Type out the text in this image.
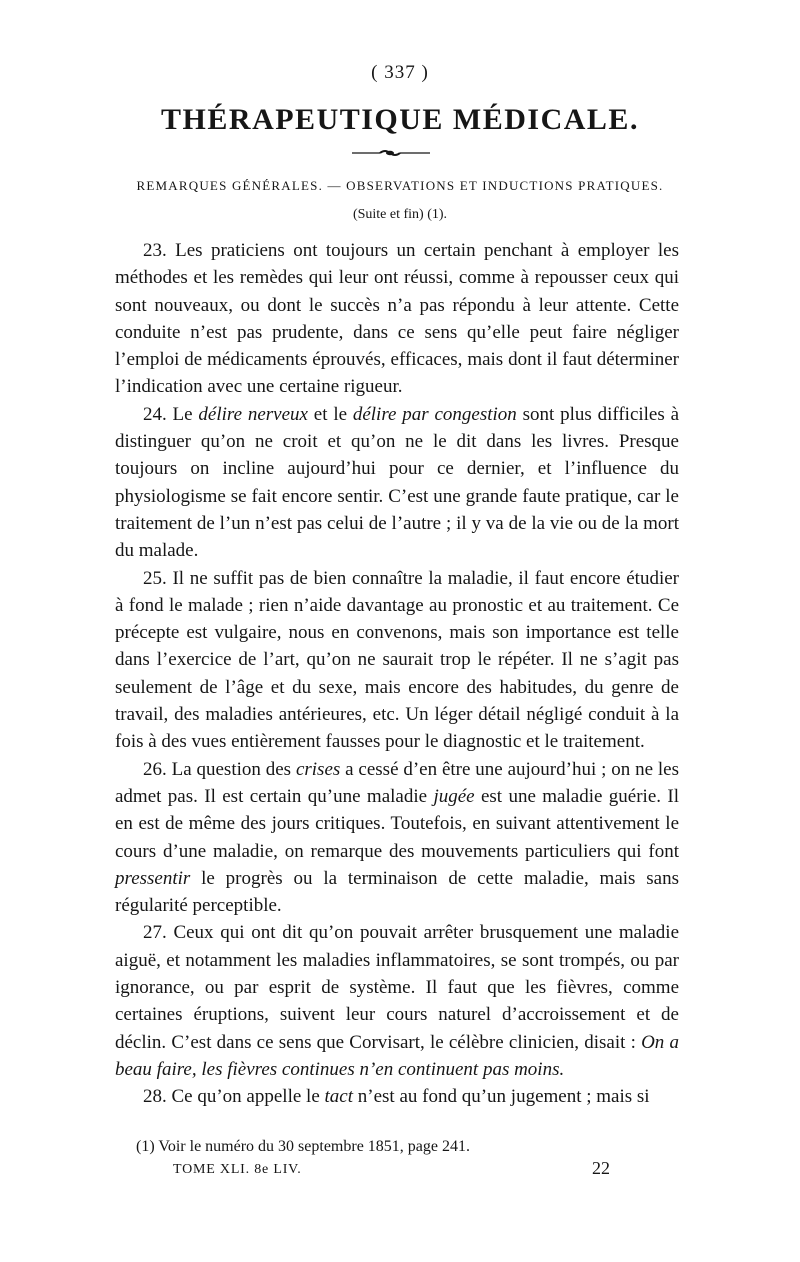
( 337 )
THÉRAPEUTIQUE MÉDICALE.
REMARQUES GÉNÉRALES. — OBSERVATIONS ET INDUCTIONS PRATIQUES.
(Suite et fin) (1).

23. Les praticiens ont toujours un certain penchant à employer les méthodes et les remèdes qui leur ont réussi, comme à repousser ceux qui sont nouveaux, ou dont le succès n’a pas répondu à leur attente. Cette conduite n’est pas prudente, dans ce sens qu’elle peut faire négliger l’emploi de médicaments éprouvés, efficaces, mais dont il faut déterminer l’indication avec une certaine rigueur.

24. Le délire nerveux et le délire par congestion sont plus difficiles à distinguer qu’on ne croit et qu’on ne le dit dans les livres. Presque toujours on incline aujourd’hui pour ce dernier, et l’influence du physiologisme se fait encore sentir. C’est une grande faute pratique, car le traitement de l’un n’est pas celui de l’autre ; il y va de la vie ou de la mort du malade.

25. Il ne suffit pas de bien connaître la maladie, il faut encore étudier à fond le malade ; rien n’aide davantage au pronostic et au traitement. Ce précepte est vulgaire, nous en convenons, mais son importance est telle dans l’exercice de l’art, qu’on ne saurait trop le répéter. Il ne s’agit pas seulement de l’âge et du sexe, mais encore des habitudes, du genre de travail, des maladies antérieures, etc. Un léger détail négligé conduit à la fois à des vues entièrement fausses pour le diagnostic et le traitement.

26. La question des crises a cessé d’en être une aujourd’hui ; on ne les admet pas. Il est certain qu’une maladie jugée est une maladie guérie. Il en est de même des jours critiques. Toutefois, en suivant attentivement le cours d’une maladie, on remarque des mouvements particuliers qui font pressentir le progrès ou la terminaison de cette maladie, mais sans régularité perceptible.

27. Ceux qui ont dit qu’on pouvait arrêter brusquement une maladie aiguë, et notamment les maladies inflammatoires, se sont trompés, ou par ignorance, ou par esprit de système. Il faut que les fièvres, comme certaines éruptions, suivent leur cours naturel d’accroissement et de déclin. C’est dans ce sens que Corvisart, le célèbre clinicien, disait : On a beau faire, les fièvres continues n’en continuent pas moins.

28. Ce qu’on appelle le tact n’est au fond qu’un jugement ; mais si

(1) Voir le numéro du 30 septembre 1851, page 241.
TOME XLI. 8e LIV.	22
